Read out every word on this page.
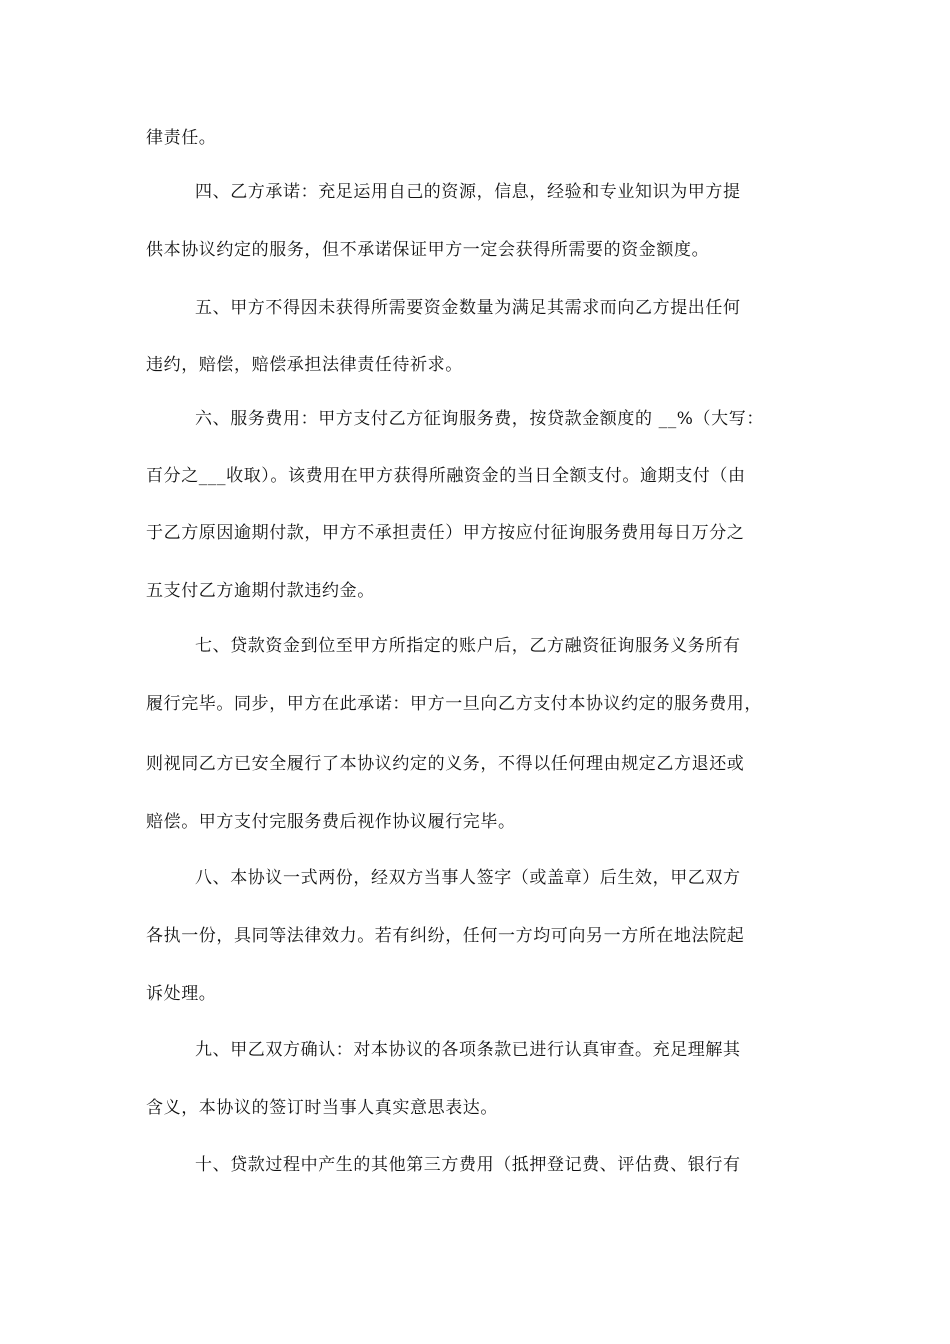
律责任。
四、乙方承诺：充足运用自己的资源，信息，经验和专业知识为甲方提
供本协议约定的服务，但不承诺保证甲方一定会获得所需要的资金额度。
五、甲方不得因未获得所需要资金数量为满足其需求而向乙方提出任何
违约，赔偿，赔偿承担法律责任待祈求。
六、服务费用：甲方支付乙方征询服务费，按贷款金额度的 __%（大写：
百分之___收取）。该费用在甲方获得所融资金的当日全额支付。逾期支付（由
于乙方原因逾期付款，甲方不承担责任）甲方按应付征询服务费用每日万分之
五支付乙方逾期付款违约金。
七、贷款资金到位至甲方所指定的账户后，乙方融资征询服务义务所有
履行完毕。同步，甲方在此承诺：甲方一旦向乙方支付本协议约定的服务费用，
则视同乙方已安全履行了本协议约定的义务，不得以任何理由规定乙方退还或
赔偿。甲方支付完服务费后视作协议履行完毕。
八、本协议一式两份，经双方当事人签字（或盖章）后生效，甲乙双方
各执一份，具同等法律效力。若有纠纷，任何一方均可向另一方所在地法院起
诉处理。
九、甲乙双方确认：对本协议的各项条款已进行认真审查。充足理解其
含义，本协议的签订时当事人真实意思表达。
十、贷款过程中产生的其他第三方费用（抵押登记费、评估费、银行有
